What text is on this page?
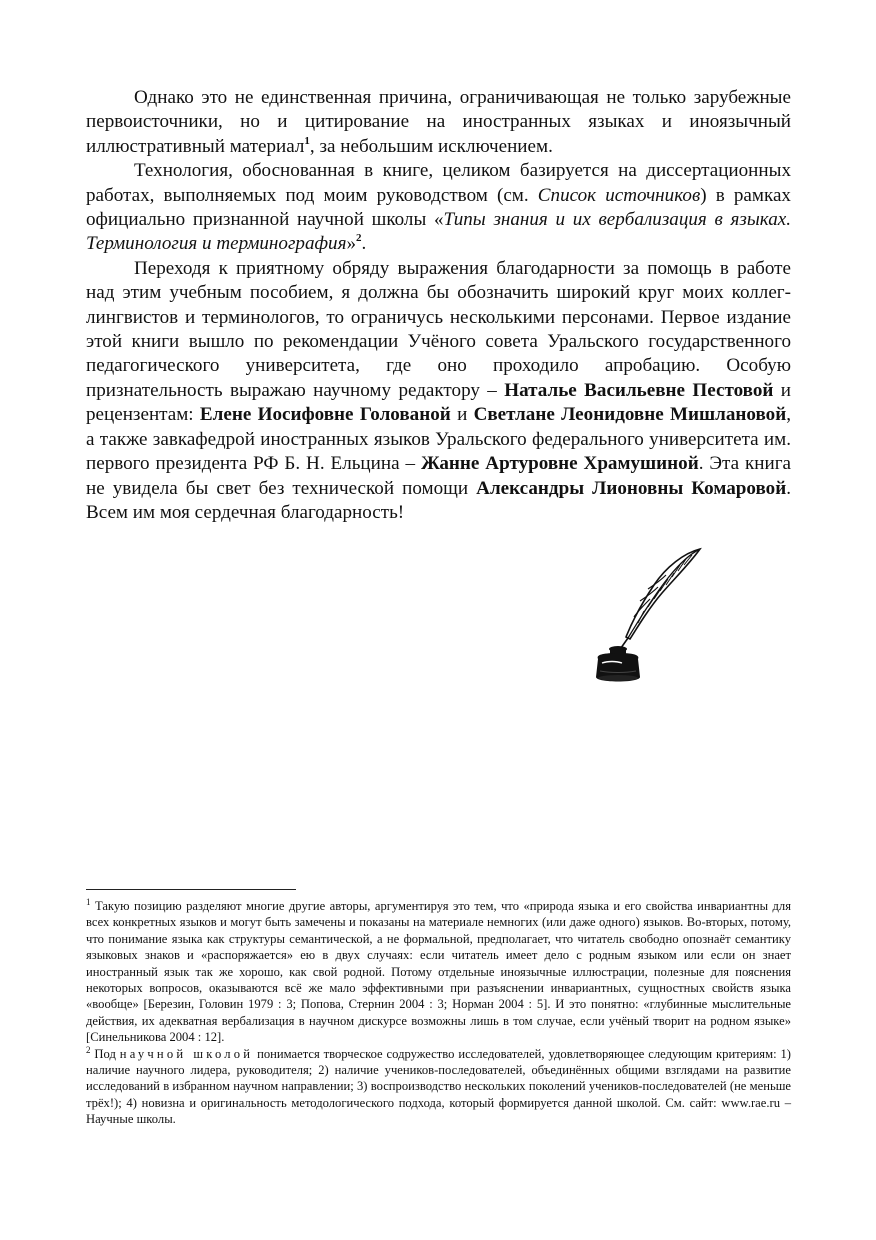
Однако это не единственная причина, ограничивающая не только зарубежные первоисточники, но и цитирование на иностранных языках и иноязычный иллюстративный материал$^1$, за небольшим исключением.

Технология, обоснованная в книге, целиком базируется на диссертационных работах, выполняемых под моим руководством (см. Список источников) в рамках официально признанной научной школы «Типы знания и их вербализация в языках. Терминология и терминография»$^2$.

Переходя к приятному обряду выражения благодарности за помощь в работе над этим учебным пособием, я должна бы обозначить широкий круг моих коллег-лингвистов и терминологов, то ограничусь несколькими персонами. Первое издание этой книги вышло по рекомендации Учёного совета Уральского государственного педагогического университета, где оно проходило апробацию. Особую признательность выражаю научному редактору – Наталье Васильевне Пестовой и рецензентам: Елене Иосифовне Голованой и Светлане Леонидовне Мишлановой, а также завкафедрой иностранных языков Уральского федерального университета им. первого президента РФ Б. Н. Ельцина – Жанне Артуровне Храмушиной. Эта книга не увидела бы свет без технической помощи Александры Лионовны Комаровой. Всем им моя сердечная благодарность!

$^1$ Такую позицию разделяют многие другие авторы, аргументируя это тем, что «природа языка и его свойства инвариантны для всех конкретных языков и могут быть замечены и показаны на материале немногих (или даже одного) языков. Во-вторых, потому, что понимание языка как структуры семантической, а не формальной, предполагает, что читатель свободно опознаёт семантику языковых знаков и «распоряжается» ею в двух случаях: если читатель имеет дело с родным языком или если он знает иностранный язык так же хорошо, как свой родной. Потому отдельные иноязычные иллюстрации, полезные для пояснения некоторых вопросов, оказываются всё же мало эффективными при разъяснении инвариантных, сущностных свойств языка «вообще» [Березин, Головин 1979 : 3; Попова, Стернин 2004 : 3; Норман 2004 : 5]. И это понятно: «глубинные мыслительные действия, их адекватная вербализация в научном дискурсе возможны лишь в том случае, если учёный творит на родном языке» [Синельникова 2004 : 12].

$^2$ Под научной школой понимается творческое содружество исследователей, удовлетворяющее следующим критериям: 1) наличие научного лидера, руководителя; 2) наличие учеников-последователей, объединённых общими взглядами на развитие исследований в избранном научном направлении; 3) воспроизводство нескольких поколений учеников-последователей (не меньше трёх!); 4) новизна и оригинальность методологического подхода, который формируется данной школой. См. сайт: www.rae.ru – Научные школы.
